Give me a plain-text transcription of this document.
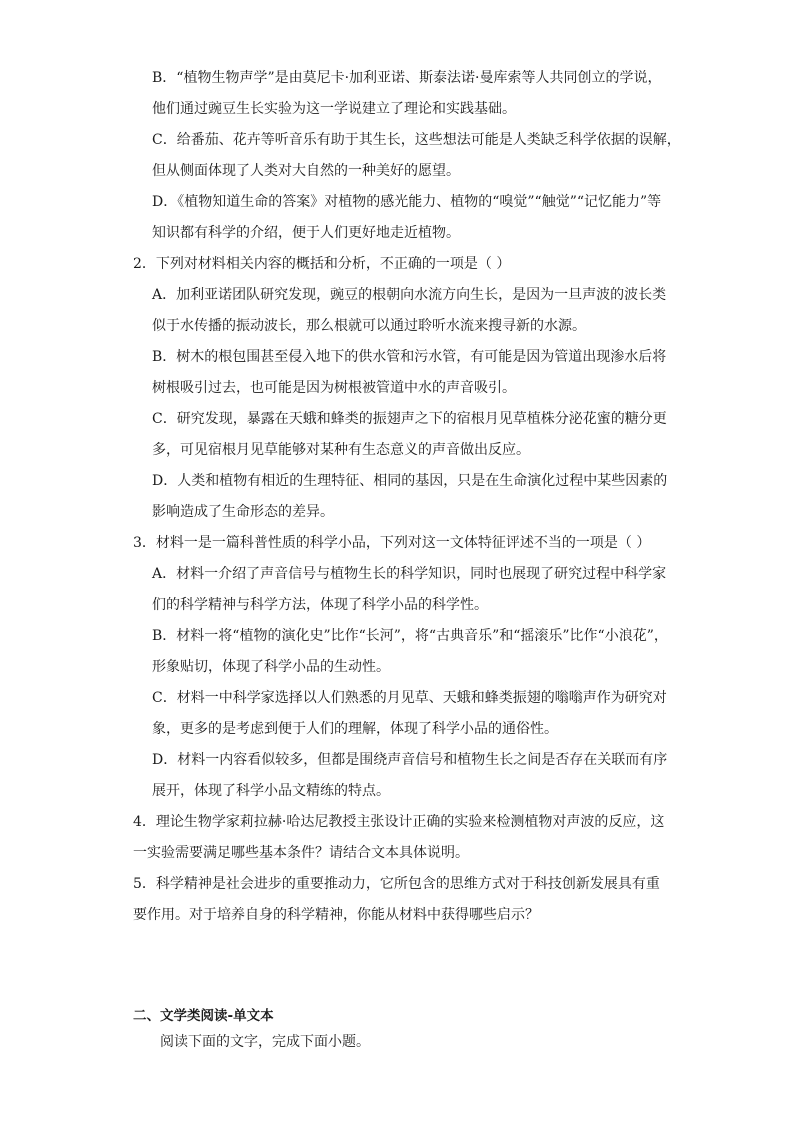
B．“植物生物声学”是由莫尼卡·加利亚诺、斯泰法诺·曼库索等人共同创立的学说，
他们通过豌豆生长实验为这一学说建立了理论和实践基础。
C．给番茄、花卉等听音乐有助于其生长，这些想法可能是人类缺乏科学依据的误解，
但从侧面体现了人类对大自然的一种美好的愿望。
D．《植物知道生命的答案》对植物的感光能力、植物的“嗅觉”“触觉”“记忆能力”等
知识都有科学的介绍，便于人们更好地走近植物。
2．下列对材料相关内容的概括和分析，不正确的一项是（ ）
A．加利亚诺团队研究发现，豌豆的根朝向水流方向生长，是因为一旦声波的波长类
似于水传播的振动波长，那么根就可以通过聆听水流来搜寻新的水源。
B．树木的根包围甚至侵入地下的供水管和污水管，有可能是因为管道出现渗水后将
树根吸引过去，也可能是因为树根被管道中水的声音吸引。
C．研究发现，暴露在天蛾和蜂类的振翅声之下的宿根月见草植株分泌花蜜的糖分更
多，可见宿根月见草能够对某种有生态意义的声音做出反应。
D．人类和植物有相近的生理特征、相同的基因，只是在生命演化过程中某些因素的
影响造成了生命形态的差异。
3．材料一是一篇科普性质的科学小品，下列对这一文体特征评述不当的一项是（ ）
A．材料一介绍了声音信号与植物生长的科学知识，同时也展现了研究过程中科学家
们的科学精神与科学方法，体现了科学小品的科学性。
B．材料一将“植物的演化史”比作“长河”，将“古典音乐”和“摇滚乐”比作“小浪花”，
形象贴切，体现了科学小品的生动性。
C．材料一中科学家选择以人们熟悉的月见草、天蛾和蜂类振翅的嗡嗡声作为研究对
象，更多的是考虑到便于人们的理解，体现了科学小品的通俗性。
D．材料一内容看似较多，但都是围绕声音信号和植物生长之间是否存在关联而有序
展开，体现了科学小品文精练的特点。
4．理论生物学家莉拉赫·哈达尼教授主张设计正确的实验来检测植物对声波的反应，这
一实验需要满足哪些基本条件？请结合文本具体说明。
5．科学精神是社会进步的重要推动力，它所包含的思维方式对于科技创新发展具有重
要作用。对于培养自身的科学精神，你能从材料中获得哪些启示？
二、文学类阅读-单文本
阅读下面的文字，完成下面小题。
